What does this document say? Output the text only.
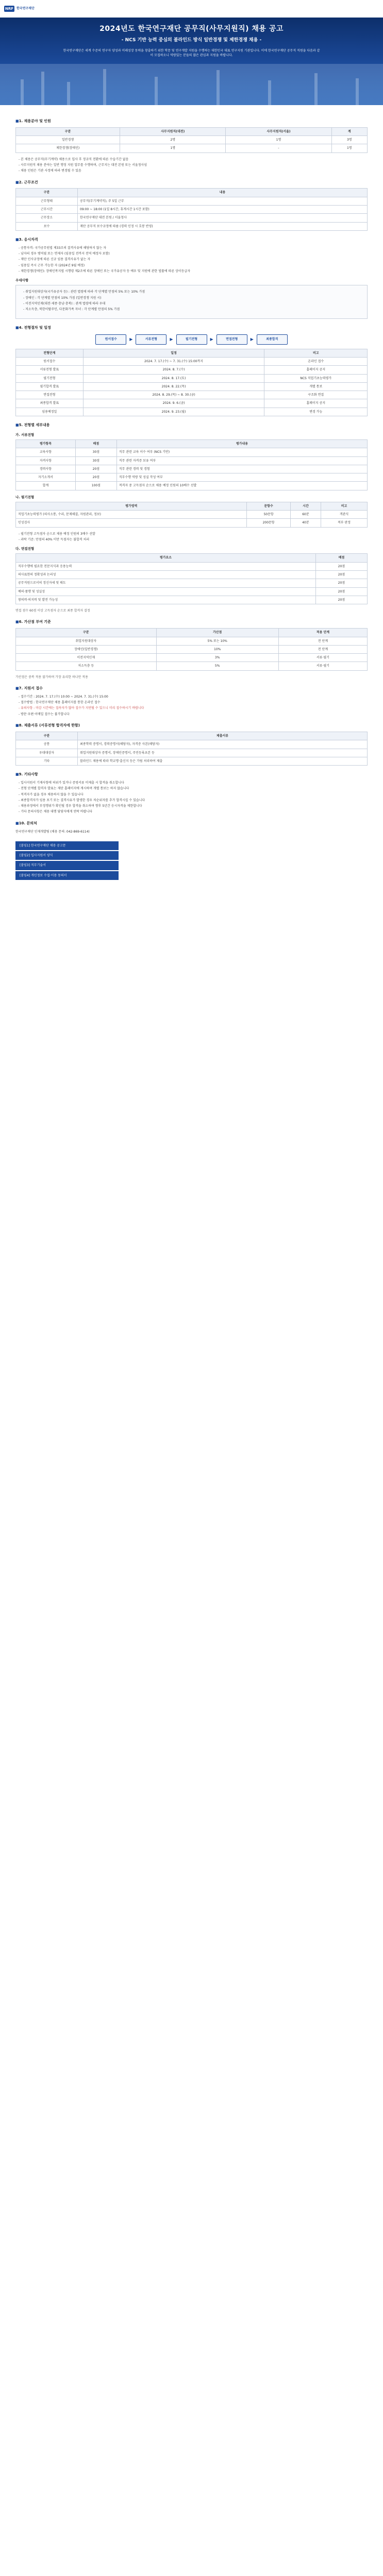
NRF 한국연구재단
2024년도 한국연구재단 공무직(사무지원직) 채용 공고
- NCS 기반 능력 중심의 블라인드 방식 일반경쟁 및 제한경쟁 채용 -

한국연구재단은 세계 수준의 연구자 양성과 미래성장 동력을 창출하기 위한 학문 및 연구개발 지원을 수행하는 대한민국 대표 연구지원 기관입니다. 이에 한국연구재단 공무직 직원을 다음과 같이 모집하오니 역량있는 분들의 많은 관심과 지원을 바랍니다.

■ 1. 채용분야 및 인원
구분	사무지원직(대전)	사무지원직(서울)	계
일반경쟁	2명	1명	3명
제한경쟁(장애인)	1명	-	1명
- 본 채용은 공무직(무기계약) 채용으로 입사 후 정규직 전환에 따른 수습기간 없음
- 사무지원직 채용 분야는 일반 행정 지원 업무를 수행하며, 근무지는 대전 본원 또는 서울청사임
- 채용 인원은 기관 사정에 따라 변경될 수 있음
■ 2. 근무조건
구분	내용
근무형태	공무직(무기계약직), 주 5일 근무
근무시간	09:00 ~ 18:00 (1일 8시간, 휴게시간 1시간 포함)
근무장소	한국연구재단 대전 본원 / 서울청사
보수	재단 공무직 보수규정에 따름 (경력 인정 시 호봉 반영)
■ 3. 응시자격
- 공통자격: 국가공무원법 제33조의 결격사유에 해당하지 않는 자
- 남자의 경우 병역필 또는 면제자 (임용일 전까지 전역 예정자 포함)
- 재단 인사규정에 따른 신규 임용 결격사유가 없는 자
- 임용일 즉시 근무 가능한 자 (2024년 9월 예정)
- 제한경쟁(장애인): 장애인복지법 시행령 제2조에 따른 장애인 또는 국가유공자 등 예우 및 지원에 관한 법률에 따른 상이등급자
우대사항
- 취업지원대상자(국가유공자 등) : 관련 법령에 따라 각 단계별 만점의 5% 또는 10% 가점
- 장애인 : 각 단계별 만점의 10% 가점 (일반경쟁 지원 시)
- 이전지역인재(대전·세종·충남·충북) : 관계 법령에 따라 우대
- 저소득층, 북한이탈주민, 다문화가족 자녀 : 각 단계별 만점의 5% 가점
■ 4. 전형절차 및 일정
원서접수	▶	서류전형	▶	필기전형	▶	면접전형	▶	최종합격
전형단계	일정	비고
원서접수	2024. 7. 17.(수) ~ 7. 31.(수) 15:00까지	온라인 접수
서류전형 발표	2024. 8. 7.(수)	홈페이지 공지
필기전형	2024. 8. 17.(토)	NCS 직업기초능력평가
필기합격 발표	2024. 8. 22.(목)	개별 통보
면접전형	2024. 8. 29.(목) ~ 8. 30.(금)	구조화 면접
최종합격 발표	2024. 9. 6.(금)	홈페이지 공지
임용예정일	2024. 9. 23.(월)	변경 가능
■ 5. 전형별 세부내용
가. 서류전형
평가항목	배점	평가내용
교육사항	30점	직무 관련 교육 이수 여부 (NCS 기반)
자격사항	30점	직무 관련 자격증 보유 여부
경력사항	20점	직무 관련 경력 및 경험
자기소개서	20점	직무수행 역량 및 성실 작성 여부
합계	100점	적격자 중 고득점자 순으로 채용 예정 인원의 10배수 선발
나. 필기전형
평가영역	문항수	시간	비고
직업기초능력평가 (의사소통, 수리, 문제해결, 자원관리, 정보)	50문항	60분	객관식
인성검사	200문항	40분	적부 판정
- 필기전형 고득점자 순으로 채용 예정 인원의 3배수 선발
- 과락 기준: 만점의 40% 미만 득점자는 불합격 처리
다. 면접전형
평가요소	배점
직무수행에 필요한 전문지식과 응용능력	20점
의사표현의 정확성과 논리성	20점
공무직원으로서의 정신자세 및 태도	20점
예의·품행 및 성실성	20점
창의력·의지력 및 발전 가능성	20점
면접 점수 60점 이상 고득점자 순으로 최종 합격자 결정
■ 6. 가산점 부여 기준
구분	가산점	적용 단계
취업지원대상자	5% 또는 10%	전 단계
장애인(일반경쟁)	10%	전 단계
이전지역인재	3%	서류·필기
저소득층 등	5%	서류·필기
가산점은 중복 적용 불가하며 가장 유리한 하나만 적용
■ 7. 지원서 접수
- 접수기간 : 2024. 7. 17.(수) 10:00 ~ 2024. 7. 31.(수) 15:00
- 접수방법 : 한국연구재단 채용 홈페이지를 통한 온라인 접수
- 유의사항 : 마감 시간에는 접속자가 많아 접수가 지연될 수 있으니 미리 접수하시기 바랍니다
- 방문·우편·이메일 접수는 불가합니다
■ 8. 제출서류 (서류전형 합격자에 한함)
구분	제출서류
공통	최종학력 증명서, 경력증명서(해당자), 자격증 사본(해당자)
우대대상자	취업지원대상자 증명서, 장애인증명서, 주민등록초본 등
기타	블라인드 채용에 따라 학교명·출신지 등은 가림 처리하여 제출
■ 9. 기타사항
- 입사지원서 기재사항에 허위가 있거나 증빙서류 미제출 시 합격을 취소합니다
- 전형 단계별 합격자 발표는 재단 홈페이지에 게시하며 개별 통보는 하지 않습니다
- 적격자가 없을 경우 채용하지 않을 수 있습니다
- 최종합격자가 임용 포기 또는 결격사유가 발생한 경우 차순위자를 추가 합격시킬 수 있습니다
- 채용과정에서 부정행위가 확인될 경우 합격을 취소하며 향후 5년간 응시자격을 제한합니다
- 기타 문의사항은 채용 대행 담당자에게 연락 바랍니다
■ 10. 문의처
한국연구재단 인재개발팀 (채용 문의: 042-869-6114)
[붙임1] 한국연구재단 채용 공고문
[붙임2] 입사지원서 양식
[붙임3] 직무기술서
[붙임4] 개인정보 수집·이용 동의서
